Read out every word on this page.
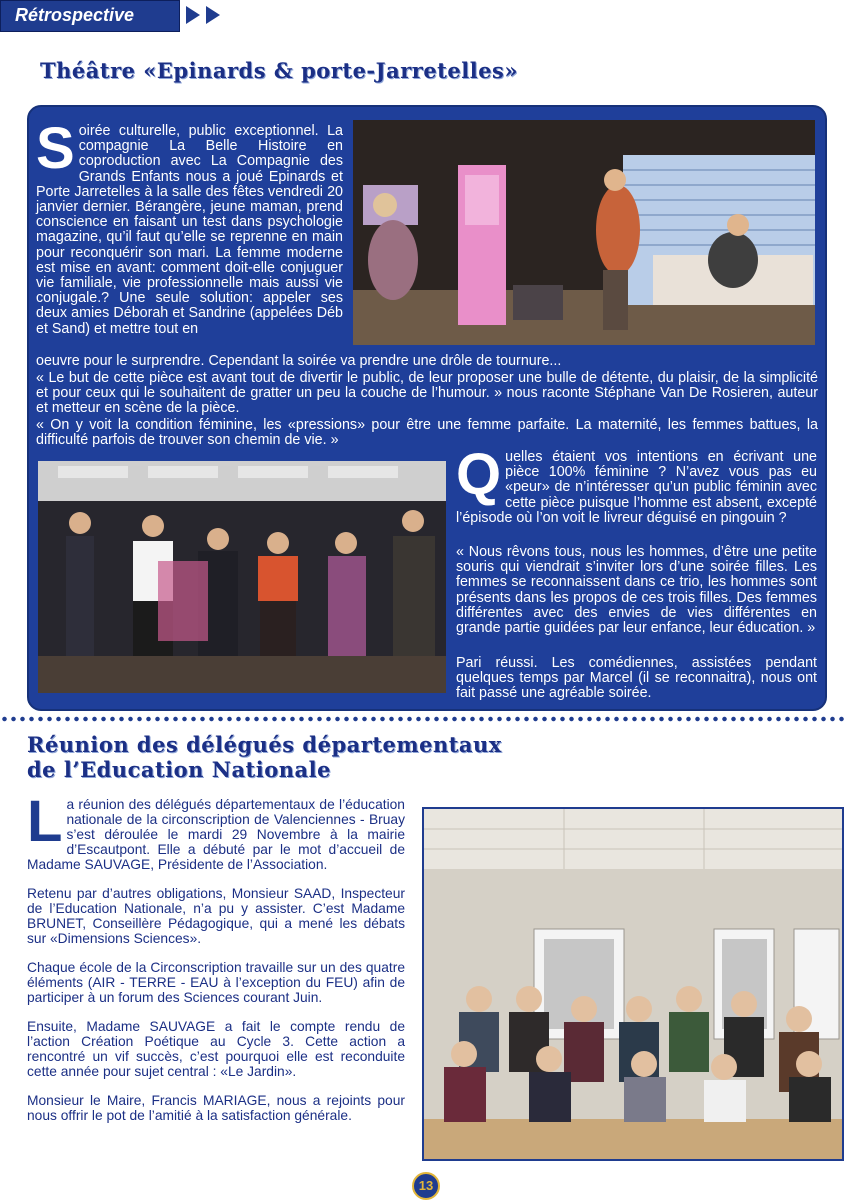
Rétrospective
Théâtre «Epinards & porte-Jarretelles»
Soirée culturelle, public exceptionnel. La compagnie La Belle Histoire en coproduction avec La Compagnie des Grands Enfants nous a joué Epinards et Porte Jarretelles à la salle des fêtes vendredi 20 janvier dernier. Bérangère, jeune maman, prend conscience en faisant un test dans psychologie magazine, qu’il faut qu’elle se reprenne en main pour reconquérir son mari. La femme moderne est mise en avant: comment doit-elle conjuguer vie familiale, vie professionnelle mais aussi vie conjugale.? Une seule solution: appeler ses deux amies Déborah et Sandrine (appelées Déb et Sand) et mettre tout en
oeuvre pour le surprendre. Cependant la soirée va prendre une drôle de tournure...
« Le but de cette pièce est avant tout de divertir le public, de leur proposer une bulle de détente, du plaisir, de la simplicité et pour ceux qui le souhaitent de gratter un peu la couche de l’humour. » nous raconte Stéphane Van De Rosieren, auteur et metteur en scène de la pièce.
« On y voit la condition féminine, les «pressions» pour être une femme parfaite. La maternité, les femmes battues, la difficulté parfois de trouver son chemin de vie. »
Quelles étaient vos intentions en écrivant une pièce 100% féminine ? N’avez vous pas eu «peur» de n’intéresser qu’un public féminin avec cette pièce puisque l’homme est absent, excepté l’épisode où l’on voit le livreur déguisé en pingouin ?
« Nous rêvons tous, nous les hommes, d’être une petite souris qui viendrait s’inviter lors d’une soirée filles. Les femmes se reconnaissent dans ce trio, les hommes sont présents dans les propos de ces trois filles. Des femmes différentes avec des envies de vies différentes en grande partie guidées par leur enfance, leur éducation. »
Pari réussi. Les comédiennes, assistées pendant quelques temps par Marcel (il se reconnaitra), nous ont fait passé une agréable soirée.
Réunion des délégués départementaux
de l’Education Nationale

La réunion des délégués départementaux de l’éducation nationale de la circonscription de Valenciennes - Bruay s’est déroulée le mardi 29 Novembre à la mairie d’Escautpont. Elle a débuté par le mot d’accueil de Madame SAUVAGE, Présidente de l’Association.

Retenu par d’autres obligations, Monsieur SAAD, Inspecteur de l’Education Nationale, n’a pu y assister. C’est Madame BRUNET, Conseillère Pédagogique, qui a mené les débats sur «Dimensions Sciences».

Chaque école de la Circonscription travaille sur un des quatre éléments (AIR - TERRE - EAU à l’exception du FEU) afin de participer à un forum des Sciences courant Juin.

Ensuite, Madame SAUVAGE a fait le compte rendu de l’action Création Poétique au Cycle 3. Cette action a rencontré un vif succès, c’est pourquoi elle est reconduite cette année pour sujet central : «Le Jardin».

Monsieur le Maire, Francis MARIAGE, nous a rejoints pour nous offrir le pot de l’amitié à la satisfaction générale.

13
